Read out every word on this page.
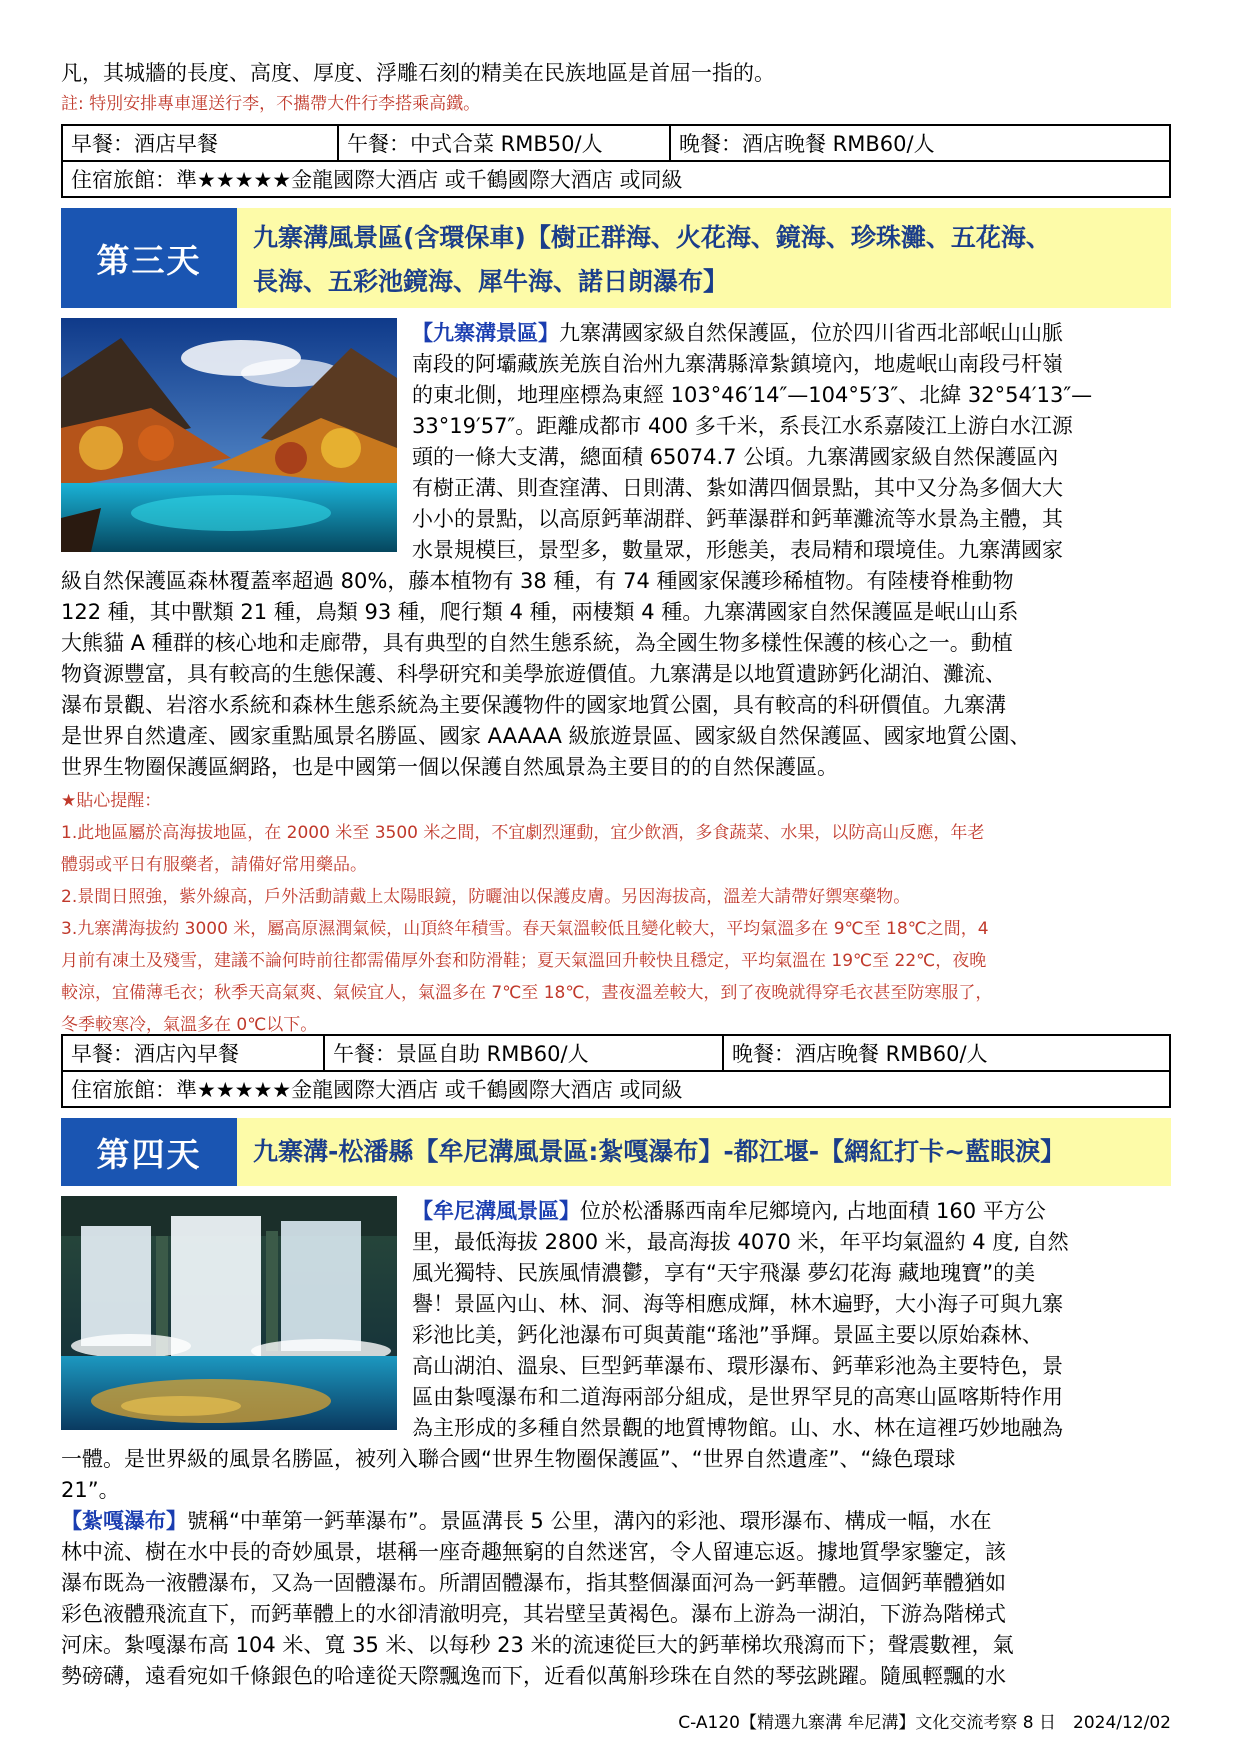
凡，其城牆的長度、高度、厚度、浮雕石刻的精美在民族地區是首屈一指的。
註: 特別安排專車運送行李，不攜帶大件行李搭乘高鐵。
早餐：酒店早餐	午餐：中式合菜 RMB50/人	晚餐：酒店晚餐 RMB60/人
住宿旅館：準★★★★★金龍國際大酒店 或千鶴國際大酒店 或同級
第三天
九寨溝風景區(含環保車)【樹正群海、火花海、鏡海、珍珠灘、五花海、
長海、五彩池鏡海、犀牛海、諾日朗瀑布】
【九寨溝景區】九寨溝國家級自然保護區，位於四川省西北部岷山山脈
南段的阿壩藏族羌族自治州九寨溝縣漳紮鎮境內，地處岷山南段弓杆嶺
的東北側，地理座標為東經 103°46′14″—104°5′3″、北緯 32°54′13″—
33°19′57″。距離成都市 400 多千米，系長江水系嘉陵江上游白水江源
頭的一條大支溝，總面積 65074.7 公頃。九寨溝國家級自然保護區內
有樹正溝、則查窪溝、日則溝、紮如溝四個景點，其中又分為多個大大
小小的景點，以高原鈣華湖群、鈣華瀑群和鈣華灘流等水景為主體，其
水景規模巨，景型多，數量眾，形態美，表局精和環境佳。九寨溝國家
級自然保護區森林覆蓋率超過 80%，藤本植物有 38 種，有 74 種國家保護珍稀植物。有陸棲脊椎動物
122 種，其中獸類 21 種，鳥類 93 種，爬行類 4 種，兩棲類 4 種。九寨溝國家自然保護區是岷山山系
大熊貓 A 種群的核心地和走廊帶，具有典型的自然生態系統，為全國生物多樣性保護的核心之一。動植
物資源豐富，具有較高的生態保護、科學研究和美學旅遊價值。九寨溝是以地質遺跡鈣化湖泊、灘流、
瀑布景觀、岩溶水系統和森林生態系統為主要保護物件的國家地質公園，具有較高的科研價值。九寨溝
是世界自然遺產、國家重點風景名勝區、國家 AAAAA 級旅遊景區、國家級自然保護區、國家地質公園、
世界生物圈保護區網路，也是中國第一個以保護自然風景為主要目的的自然保護區。
★貼心提醒：
1.此地區屬於高海拔地區，在 2000 米至 3500 米之間，不宜劇烈運動，宜少飲酒，多食蔬菜、水果，以防高山反應，年老
體弱或平日有服藥者，請備好常用藥品。
2.景間日照強，紫外線高，戶外活動請戴上太陽眼鏡，防曬油以保護皮膚。另因海拔高，溫差大請帶好禦寒藥物。
3.九寨溝海拔約 3000 米，屬高原濕潤氣候，山頂終年積雪。春天氣溫較低且變化較大，平均氣溫多在 9℃至 18℃之間，4
月前有凍土及殘雪，建議不論何時前往都需備厚外套和防滑鞋；夏天氣溫回升較快且穩定，平均氣溫在 19℃至 22℃，夜晚
較涼，宜備薄毛衣；秋季天高氣爽、氣候宜人，氣溫多在 7℃至 18℃，晝夜溫差較大，到了夜晚就得穿毛衣甚至防寒服了，
冬季較寒冷，氣溫多在 0℃以下。
早餐：酒店內早餐	午餐：景區自助 RMB60/人	晚餐：酒店晚餐 RMB60/人
住宿旅館：準★★★★★金龍國際大酒店 或千鶴國際大酒店 或同級
第四天	九寨溝-松潘縣【牟尼溝風景區:紮嘎瀑布】-都江堰-【網紅打卡~藍眼淚】
【牟尼溝風景區】位於松潘縣西南牟尼鄉境內, 占地面積 160 平方公
里，最低海拔 2800 米，最高海拔 4070 米，年平均氣溫約 4 度, 自然
風光獨特、民族風情濃鬱，享有“天宇飛瀑 夢幻花海 藏地瑰寶”的美
譽！景區內山、林、洞、海等相應成輝，林木遍野，大小海子可與九寨
彩池比美，鈣化池瀑布可與黃龍“瑤池”爭輝。景區主要以原始森林、
高山湖泊、溫泉、巨型鈣華瀑布、環形瀑布、鈣華彩池為主要特色，景
區由紮嘎瀑布和二道海兩部分組成，是世界罕見的高寒山區喀斯特作用
為主形成的多種自然景觀的地質博物館。山、水、林在這裡巧妙地融為
一體。是世界級的風景名勝區，被列入聯合國“世界生物圈保護區”、“世界自然遺產”、“綠色環球
21”。
【紮嘎瀑布】號稱“中華第一鈣華瀑布”。景區溝長 5 公里，溝內的彩池、環形瀑布、構成一幅，水在
林中流、樹在水中長的奇妙風景，堪稱一座奇趣無窮的自然迷宮，令人留連忘返。據地質學家鑒定，該
瀑布既為一液體瀑布，又為一固體瀑布。所謂固體瀑布，指其整個瀑面河為一鈣華體。這個鈣華體猶如
彩色液體飛流直下，而鈣華體上的水卻清澈明亮，其岩壁呈黃褐色。瀑布上游為一湖泊，下游為階梯式
河床。紮嘎瀑布高 104 米、寬 35 米、以每秒 23 米的流速從巨大的鈣華梯坎飛瀉而下；聲震數裡，氣
勢磅礴，遠看宛如千條銀色的哈達從天際飄逸而下，近看似萬斛珍珠在自然的琴弦跳躍。隨風輕飄的水
C-A120【精選九寨溝 牟尼溝】文化交流考察 8 日　2024/12/02
